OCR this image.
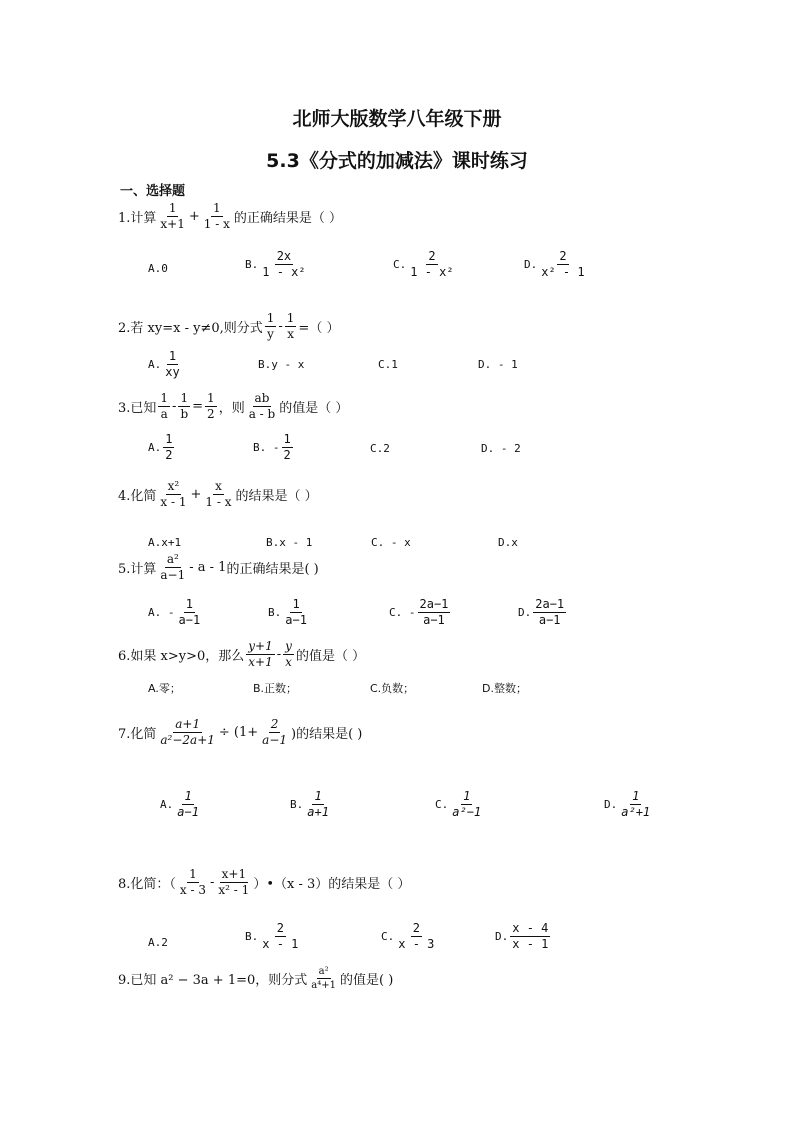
北师大版数学八年级下册
5.3《分式的加减法》课时练习
一、选择题
1.计算 $\frac{1}{x+1} + \frac{1}{1 - x}$ 的正确结果是（ ）
A.0	B. $\frac{2x}{\text{1 - x²}}$	C. $\frac{2}{\text{1 - x²}}$	D. $\frac{2}{\text{x² - 1}}$
2.若 xy=x - y≠0,则分式 $\frac{1}{y} - \frac{1}{x}$ =（ ）
A. $\frac{1}{xy}$	B.y - x	C.1	D. - 1
3.已知 $\frac{1}{a} - \frac{1}{b} = \frac{1}{2}$ ，则 $\frac{ab}{a - b}$ 的值是（ ）
A. $\frac{1}{2}$	B. - $\frac{1}{2}$	C.2	D. - 2
4.化简 $\frac{\text{x²}}{x - 1} + \frac{x}{1 - x}$ 的结果是（ ）
A.x+1	B.x - 1	C. - x	D.x
5.计算 $\frac{\text{a²}}{a-1}$ - a - 1 的正确结果是( )
A. - $\frac{1}{a-1}$	B. $\frac{1}{a-1}$	C. - $\frac{2a-1}{a-1}$	D. $\frac{2a-1}{a-1}$
6.如果 x>y>0，那么 $\frac{y+1}{x+1} - \frac{y}{x}$ 的值是（ ）
A.零；	B.正数；	C.负数；	D.整数；
7.化简 $\frac{a+1}{\text{a²−2a+1}} \div (1+ \frac{2}{a-1}$ )的结果是( )
A. $\frac{1}{a-1}$	B. $\frac{1}{a+1}$	C. $\frac{1}{\text{a²−1}}$	D. $\frac{1}{\text{a²+1}}$
8.化简：（ $\frac{1}{x - 3} - \frac{x+1}{\text{x² - 1}}$ ）•（x - 3）的结果是（ ）
A.2	B. $\frac{2}{x - 1}$	C. $\frac{2}{x - 3}$	D. $\frac{x - 4}{x - 1}$
9.已知 a² − 3a + 1=0，则分式 $\frac{\text{a²}}{\text{a⁴+1}}$ 的值是( )
